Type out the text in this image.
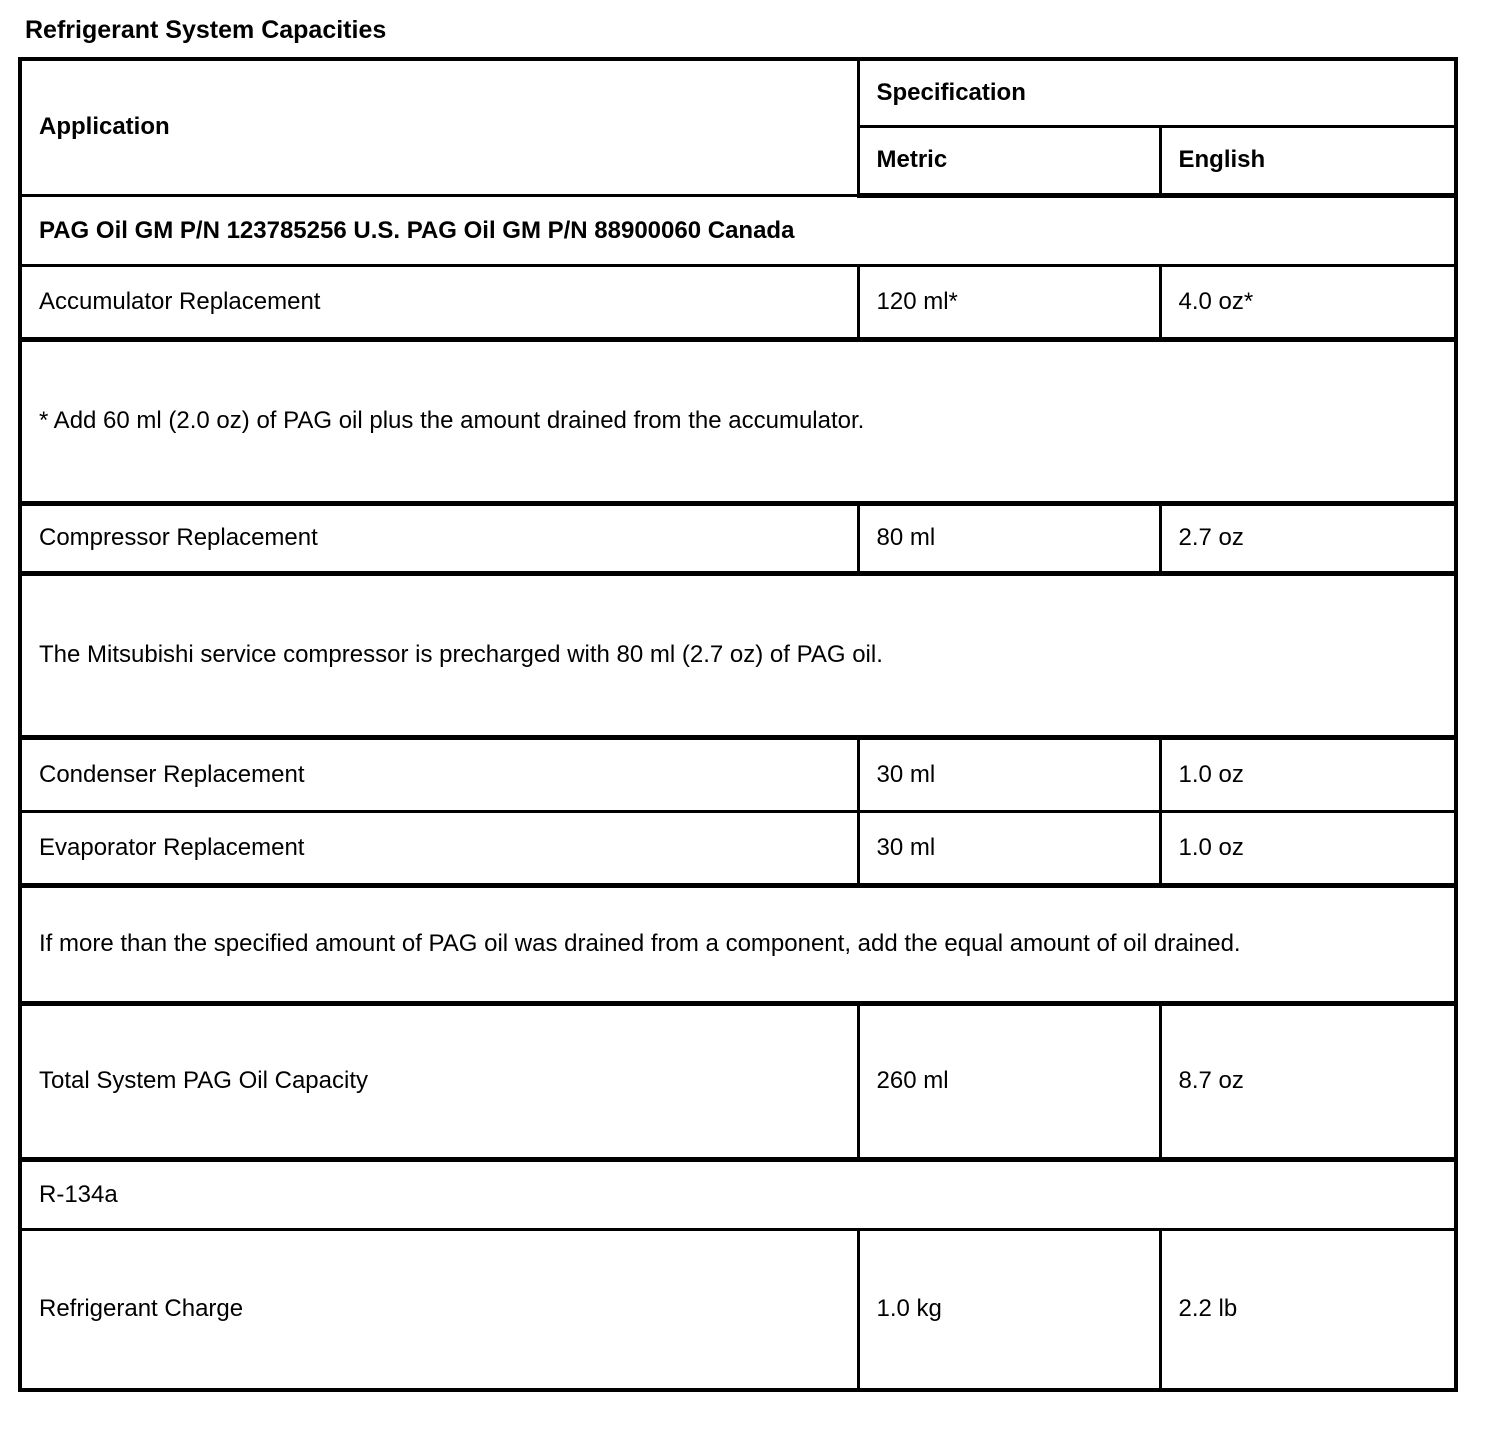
Refrigerant System Capacities
Application	Specification	
	Metric	English
PAG Oil GM P/N 123785256 U.S. PAG Oil GM P/N 88900060 Canada		
Accumulator Replacement	120 ml*	4.0 oz*
* Add 60 ml (2.0 oz) of PAG oil plus the amount drained from the accumulator.		
Compressor Replacement	80 ml	2.7 oz
The Mitsubishi service compressor is precharged with 80 ml (2.7 oz) of PAG oil.		
Condenser Replacement	30 ml	1.0 oz
Evaporator Replacement	30 ml	1.0 oz
If more than the specified amount of PAG oil was drained from a component, add the equal amount of oil drained.		
Total System PAG Oil Capacity	260 ml	8.7 oz
R-134a		
Refrigerant Charge	1.0 kg	2.2 lb
